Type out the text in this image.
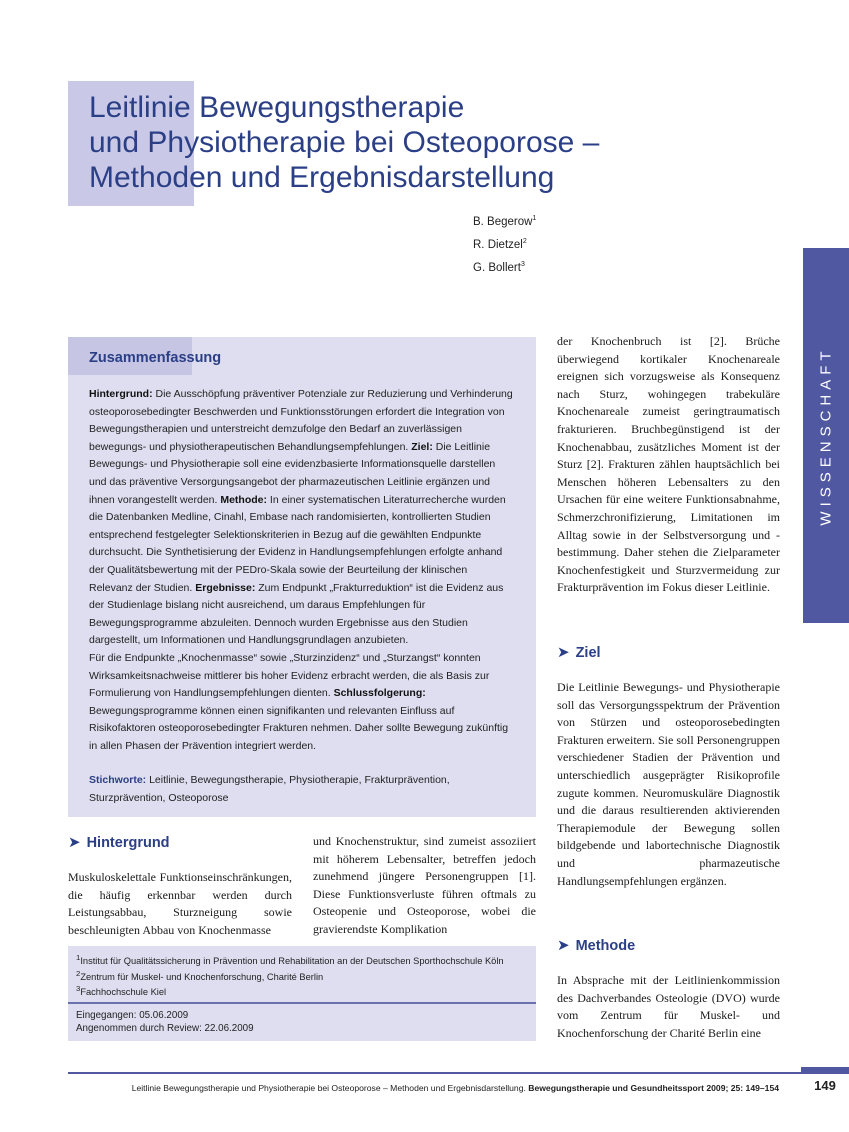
Leitlinie Bewegungstherapie
und Physiotherapie bei Osteoporose –
Methoden und Ergebnisdarstellung
B. Begerow$^1$
R. Dietzel$^2$
G. Bollert$^3$
WISSENSCHAFT
Zusammenfassung

Hintergrund: Die Ausschöpfung präventiver Potenziale zur Reduzierung und Verhinderung osteoporosebedingter Beschwerden und Funktionsstörungen erfordert die Integration von Bewegungstherapien und unterstreicht demzufolge den Bedarf an zuverlässigen bewegungs- und physiotherapeutischen Behandlungsempfehlungen. Ziel: Die Leitlinie Bewegungs- und Physiotherapie soll eine evidenzbasierte Informationsquelle darstellen und das präventive Versorgungsangebot der pharmazeutischen Leitlinie ergänzen und ihnen vorangestellt werden. Methode: In einer systematischen Literaturrecherche wurden die Datenbanken Medline, Cinahl, Embase nach randomisierten, kontrollierten Studien entsprechend festgelegter Selektionskriterien in Bezug auf die gewählten Endpunkte durchsucht. Die Synthetisierung der Evidenz in Handlungsempfehlungen erfolgte anhand der Qualitätsbewertung mit der PEDro-Skala sowie der Beurteilung der klinischen Relevanz der Studien. Ergebnisse: Zum Endpunkt „Frakturreduktion“ ist die Evidenz aus der Studienlage bislang nicht ausreichend, um daraus Empfehlungen für Bewegungsprogramme abzuleiten. Dennoch wurden Ergebnisse aus den Studien dargestellt, um Informationen und Handlungsgrundlagen anzubieten.

Für die Endpunkte „Knochenmasse“ sowie „Sturzinzidenz“ und „Sturzangst“ konnten Wirksamkeitsnachweise mittlerer bis hoher Evidenz erbracht werden, die als Basis zur Formulierung von Handlungsempfehlungen dienten. Schlussfolgerung: Bewegungsprogramme können einen signifikanten und relevanten Einfluss auf Risikofaktoren osteoporosebedingter Frakturen nehmen. Daher sollte Bewegung zukünftig in allen Phasen der Prävention integriert werden.

Stichworte: Leitlinie, Bewegungstherapie, Physiotherapie, Frakturprävention, Sturzprävention, Osteoporose

➤ Hintergrund

Muskuloskelettale Funktionseinschränkungen, die häufig erkennbar werden durch Leistungsabbau, Sturzneigung sowie beschleunigten Abbau von Knochenmasse

und Knochenstruktur, sind zumeist assoziiert mit höherem Lebensalter, betreffen jedoch zunehmend jüngere Personengruppen [1]. Diese Funktionsverluste führen oftmals zu Osteopenie und Osteoporose, wobei die gravierendste Komplikation

der Knochenbruch ist [2]. Brüche überwiegend kortikaler Knochenareale ereignen sich vorzugsweise als Konsequenz nach Sturz, wohingegen trabekuläre Knochenareale zumeist geringtraumatisch frakturieren. Bruchbegünstigend ist der Knochenabbau, zusätzliches Moment ist der Sturz [2]. Frakturen zählen hauptsächlich bei Menschen höheren Lebensalters zu den Ursachen für eine weitere Funktionsabnahme, Schmerzchronifizierung, Limitationen im Alltag sowie in der Selbstversorgung und -bestimmung. Daher stehen die Zielparameter Knochenfestigkeit und Sturzvermeidung zur Frakturprävention im Fokus dieser Leitlinie.

➤ Ziel

Die Leitlinie Bewegungs- und Physiotherapie soll das Versorgungsspektrum der Prävention von Stürzen und osteoporosebedingten Frakturen erweitern. Sie soll Personengruppen verschiedener Stadien der Prävention und unterschiedlich ausgeprägter Risikoprofile zugute kommen. Neuromuskuläre Diagnostik und die daraus resultierenden aktivierenden Therapiemodule der Bewegung sollen bildgebende und labortechnische Diagnostik und pharmazeutische Handlungsempfehlungen ergänzen.

➤ Methode

In Absprache mit der Leitlinienkommission des Dachverbandes Osteologie (DVO) wurde vom Zentrum für Muskel- und Knochenforschung der Charité Berlin eine

$^1$Institut für Qualitätssicherung in Prävention und Rehabilitation an der Deutschen Sporthochschule Köln
$^2$Zentrum für Muskel- und Knochenforschung, Charité Berlin
$^3$Fachhochschule Kiel
Eingegangen: 05.06.2009
Angenommen durch Review: 22.06.2009
Leitlinie Bewegungstherapie und Physiotherapie bei Osteoporose – Methoden und Ergebnisdarstellung. Bewegungstherapie und Gesundheitssport 2009; 25: 149–154	149
